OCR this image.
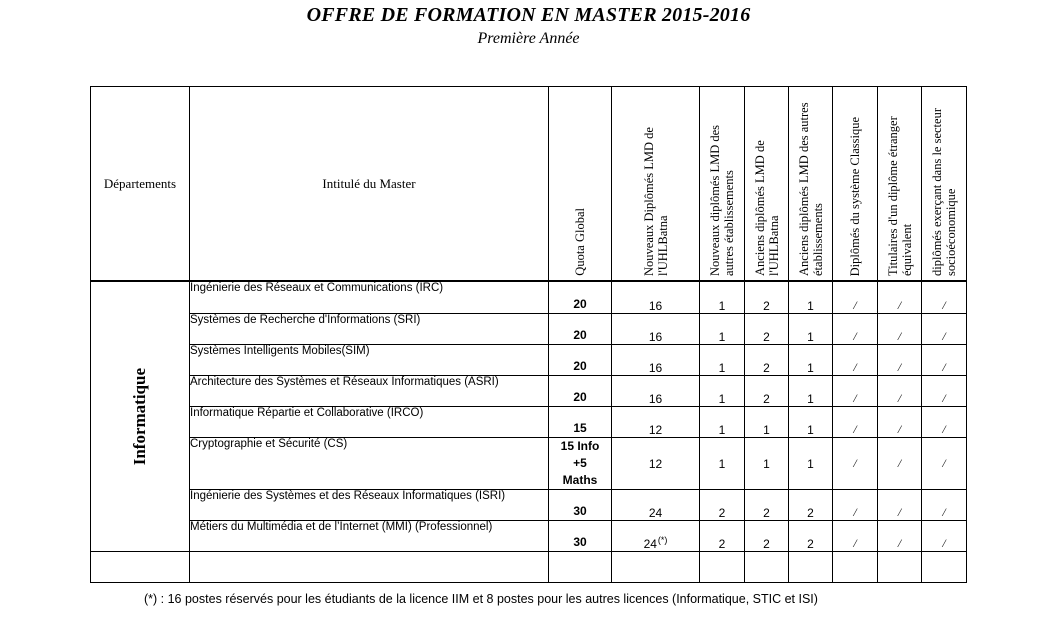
OFFRE DE FORMATION EN MASTER 2015-2016
Première Année
Départements	Intitulé du Master	Quota Global	Nouveaux Diplômés LMD de l'UHLBatna	Nouveaux diplômés LMD des autres établissements	Anciens diplômés LMD de l'UHLBatna	Anciens diplômés LMD des autres établissements	Diplômés du système Classique	Titulaires d'un diplôme étranger équivalent	diplômés exerçant dans le secteur socioéconomique

Informatique	Ingénierie des Réseaux et Communications (IRC)	20	16	1	2	1	/	/	/
	Systèmes de Recherche d'Informations (SRI)	20	16	1	2	1	/	/	/
	Systèmes Intelligents Mobiles(SIM)	20	16	1	2	1	/	/	/
	Architecture des Systèmes et Réseaux Informatiques (ASRI)	20	16	1	2	1	/	/	/
	Informatique Répartie et Collaborative (IRCO)	15	12	1	1	1	/	/	/
	Cryptographie et Sécurité (CS)	15 Info
+5
Maths	12	1	1	1	/	/	/
	Ingénierie des Systèmes et des Réseaux Informatiques (ISRI)	30	24	2	2	2	/	/	/
	Métiers du Multimédia et de l’Internet (MMI) (Professionnel)	30	24(*)	2	2	2	/	/	/

(*) : 16 postes réservés pour les étudiants de la licence IIM et 8 postes pour les autres licences (Informatique, STIC et ISI)
